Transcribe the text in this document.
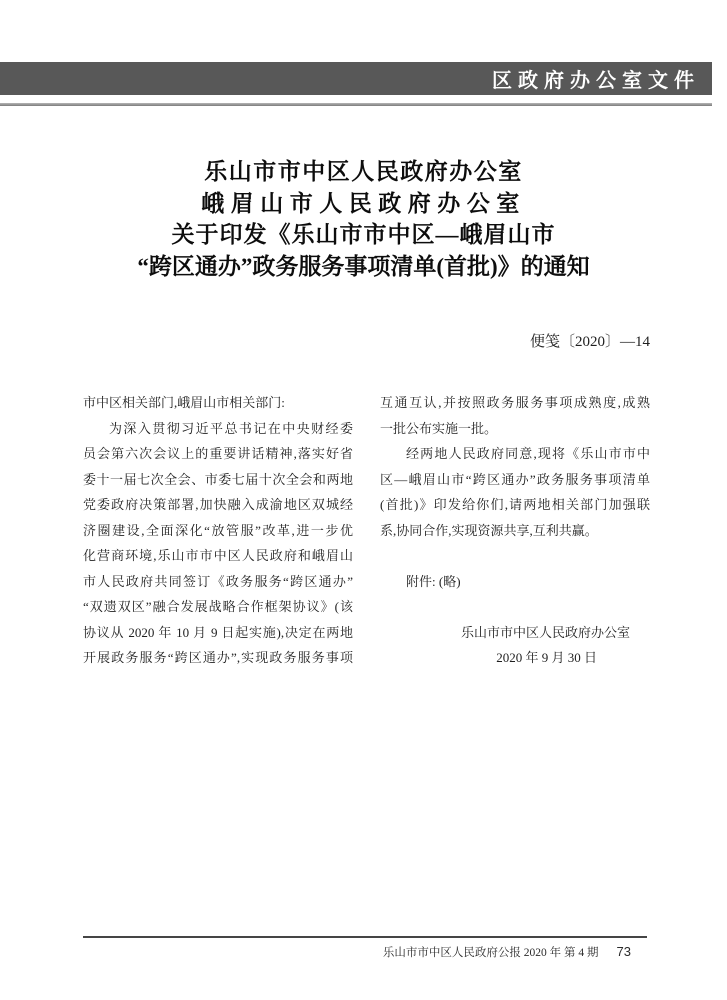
区政府办公室文件
乐山市市中区人民政府办公室
峨眉山市人民政府办公室
关于印发《乐山市市中区—峨眉山市
“跨区通办”政务服务事项清单(首批)》的通知
便笺〔2020〕—14
市中区相关部门,峨眉山市相关部门:
为深入贯彻习近平总书记在中央财经委
员会第六次会议上的重要讲话精神,落实好省
委十一届七次全会、市委七届十次全会和两地
党委政府决策部署,加快融入成渝地区双城经
济圈建设,全面深化“放管服”改革,进一步优
化营商环境,乐山市市中区人民政府和峨眉山
市人民政府共同签订《政务服务“跨区通办”
“双遗双区”融合发展战略合作框架协议》(该
协议从 2020 年 10 月 9 日起实施),决定在两地
开展政务服务“跨区通办”,实现政务服务事项
互通互认,并按照政务服务事项成熟度,成熟
一批公布实施一批。
经两地人民政府同意,现将《乐山市市中
区—峨眉山市“跨区通办”政务服务事项清单
(首批)》印发给你们,请两地相关部门加强联
系,协同合作,实现资源共享,互利共赢。
附件: (略)
乐山市市中区人民政府办公室
2020 年 9 月 30 日
乐山市市中区人民政府公报 2020 年 第 4 期 73
